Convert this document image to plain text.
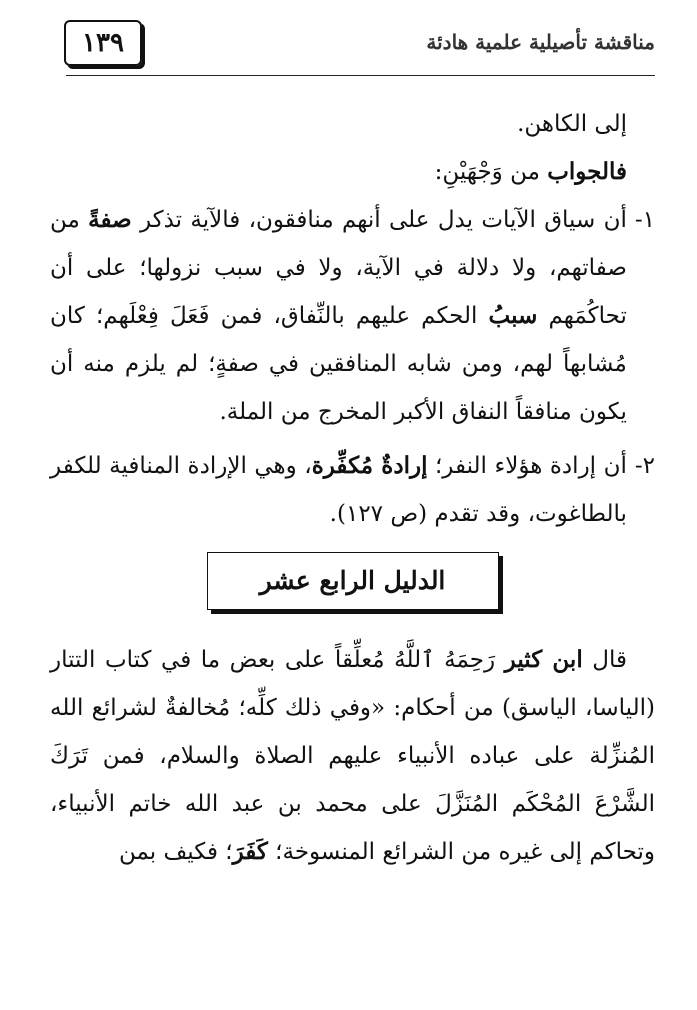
١٣٩	مناقشة تأصيلية علمية هادئة

إلى الكاهن.

فالجواب من وَجْهَيْنِ:

١-
أن سياق الآيات يدل على أنهم منافقون، فالآية تذكر صفةً من صفاتهم، ولا دلالة في الآية، ولا في سبب نزولها؛ على أن تحاكُمَهم سببُ الحكم عليهم بالنِّفاق، فمن فَعَلَ فِعْلَهم؛ كان مُشابهاً لهم، ومن شابه المنافقين في صفةٍ؛ لم يلزم منه أن يكون منافقاً النفاق الأكبر المخرج من الملة.
٢-
أن إرادة هؤلاء النفر؛ إرادةٌ مُكفِّرة، وهي الإرادة المنافية للكفر بالطاغوت، وقد تقدم (ص ١٢٧).
الدليل الرابع عشر

قال ابن كثير رَحِمَهُ ٱللَّهُ مُعلِّقاً على بعض ما في كتاب التتار (الياسا، الياسق) من أحكام: «وفي ذلك كلِّه؛ مُخالفةٌ لشرائع الله المُنزِّلة على عباده الأنبياء عليهم الصلاة والسلام، فمن تَرَكَ الشَّرْعَ المُحْكَم المُنَزَّلَ على محمد بن عبد الله خاتم الأنبياء، وتحاكم إلى غيره من الشرائع المنسوخة؛ كَفَرَ؛ فكيف بمن
